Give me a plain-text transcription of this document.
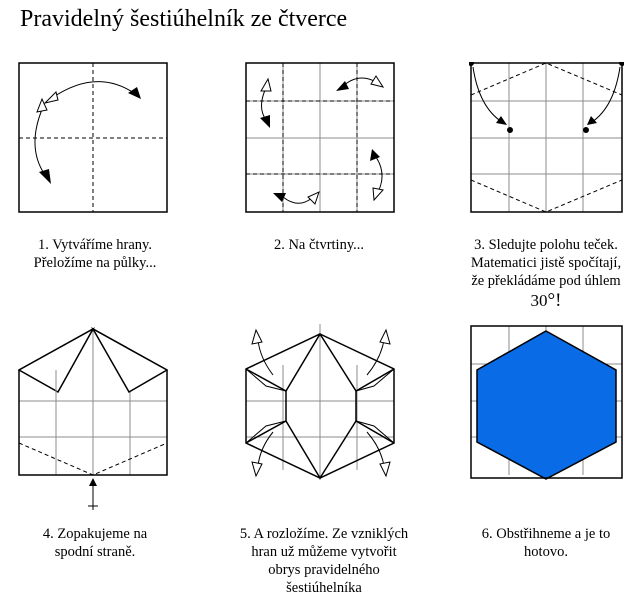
Pravidelný šestiúhelník ze čtverce
1. Vytváříme hrany.
Přeložíme na půlky...
2. Na čtvrtiny...	3. Sledujte polohu teček.
Matematici jistě spočítají,
že překládáme pod úhlem
30°!
4. Zopakujeme na
spodní straně.
5. A rozložíme. Ze vzniklých
hran už můžeme vytvořit
obrys pravidelného
šestiúhelníka
6. Obstřihneme a je to
hotovo.
